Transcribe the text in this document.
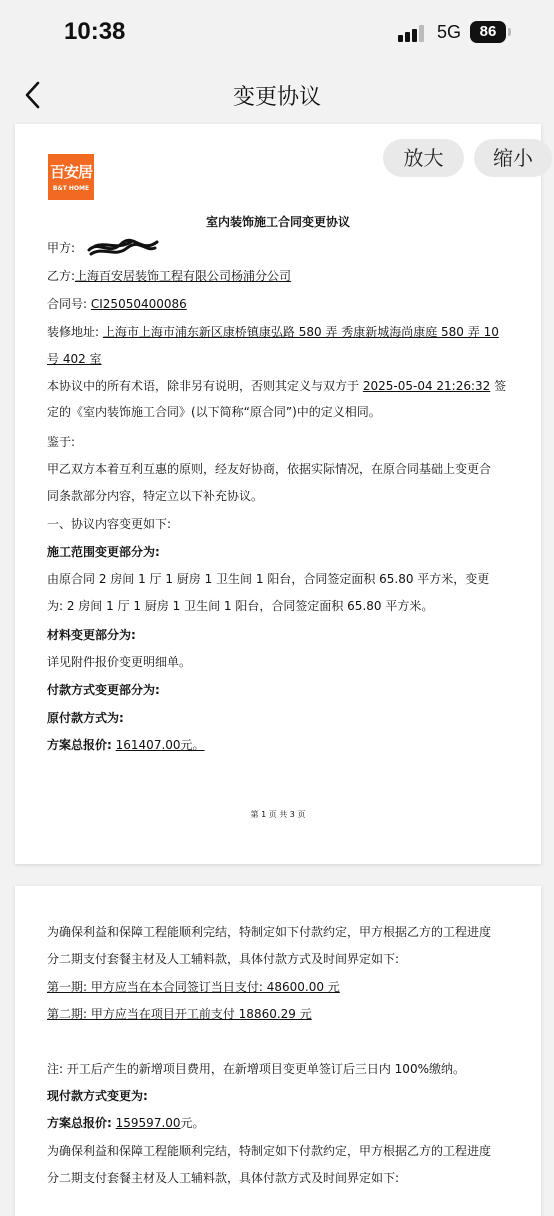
10:38	5G	86
变更协议
百安居
B&T HOME
室内装饰施工合同变更协议
甲方:
乙方:上海百安居装饰工程有限公司杨浦分公司
合同号: CI25050400086
装修地址: 上海市上海市浦东新区康桥镇康弘路 580 弄 秀康新城海尚康庭 580 弄 10
号 402 室
本协议中的所有术语，除非另有说明，否则其定义与双方于 2025-05-04 21:26:32 签
定的《室内装饰施工合同》(以下简称“原合同”)中的定义相同。
鉴于:
甲乙双方本着互利互惠的原则，经友好协商，依据实际情况，在原合同基础上变更合
同条款部分内容，特定立以下补充协议。
一、协议内容变更如下:
施工范围变更部分为:
由原合同 2 房间 1 厅 1 厨房 1 卫生间 1 阳台，合同签定面积 65.80 平方米，变更
为: 2 房间 1 厅 1 厨房 1 卫生间 1 阳台，合同签定面积 65.80 平方米。
材料变更部分为:
详见附件报价变更明细单。
付款方式变更部分为:
原付款方式为:
方案总报价: 161407.00元。
第 1 页 共 3 页
放大	缩小
为确保利益和保障工程能顺利完结，特制定如下付款约定，甲方根据乙方的工程进度
分二期支付套餐主材及人工辅料款，具体付款方式及时间界定如下:
第一期: 甲方应当在本合同签订当日支付: 48600.00 元
第二期: 甲方应当在项目开工前支付 18860.29 元
注: 开工后产生的新增项目费用，在新增项目变更单签订后三日内 100%缴纳。
现付款方式变更为:
方案总报价: 159597.00元。
为确保利益和保障工程能顺利完结，特制定如下付款约定，甲方根据乙方的工程进度
分二期支付套餐主材及人工辅料款，具体付款方式及时间界定如下:
